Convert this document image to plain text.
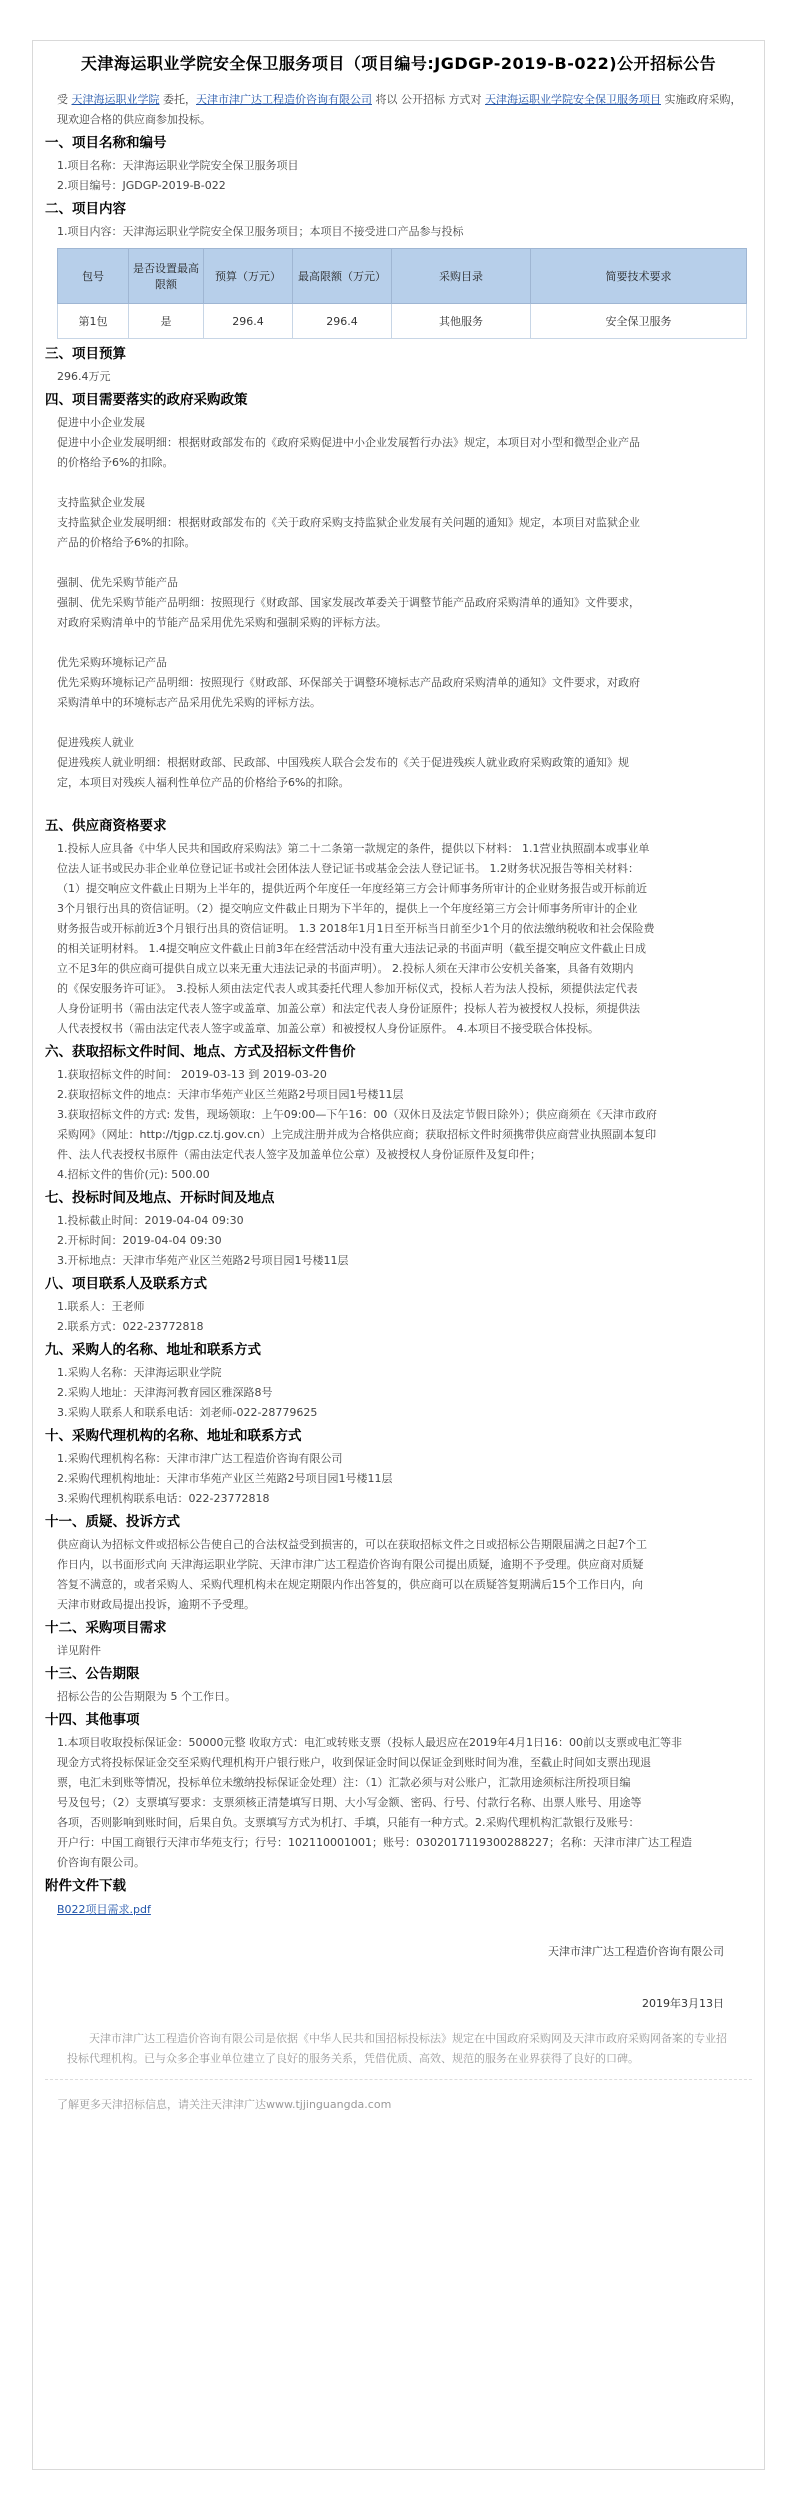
天津海运职业学院安全保卫服务项目（项目编号:JGDGP-2019-B-022)公开招标公告

受 天津海运职业学院 委托，天津市津广达工程造价咨询有限公司 将以 公开招标 方式对 天津海运职业学院安全保卫服务项目 实施政府采购，现欢迎合格的供应商参加投标。

一、项目名称和编号

1.项目名称：天津海运职业学院安全保卫服务项目

2.项目编号：JGDGP-2019-B-022

二、项目内容

1.项目内容：天津海运职业学院安全保卫服务项目；本项目不接受进口产品参与投标

包号	是否设置最高限额	预算（万元）	最高限额（万元）	采购目录	简要技术要求
第1包	是	296.4	296.4	其他服务	安全保卫服务
三、项目预算

296.4万元

四、项目需要落实的政府采购政策

促进中小企业发展

促进中小企业发展明细：根据财政部发布的《政府采购促进中小企业发展暂行办法》规定，本项目对小型和微型企业产品

的价格给予6%的扣除。

支持监狱企业发展

支持监狱企业发展明细：根据财政部发布的《关于政府采购支持监狱企业发展有关问题的通知》规定，本项目对监狱企业

产品的价格给予6%的扣除。

强制、优先采购节能产品

强制、优先采购节能产品明细：按照现行《财政部、国家发展改革委关于调整节能产品政府采购清单的通知》文件要求，

对政府采购清单中的节能产品采用优先采购和强制采购的评标方法。

优先采购环境标记产品

优先采购环境标记产品明细：按照现行《财政部、环保部关于调整环境标志产品政府采购清单的通知》文件要求，对政府

采购清单中的环境标志产品采用优先采购的评标方法。

促进残疾人就业

促进残疾人就业明细：根据财政部、民政部、中国残疾人联合会发布的《关于促进残疾人就业政府采购政策的通知》规

定，本项目对残疾人福利性单位产品的价格给予6%的扣除。

五、供应商资格要求

1.投标人应具备《中华人民共和国政府采购法》第二十二条第一款规定的条件，提供以下材料： 1.1营业执照副本或事业单

位法人证书或民办非企业单位登记证书或社会团体法人登记证书或基金会法人登记证书。 1.2财务状况报告等相关材料：

（1）提交响应文件截止日期为上半年的，提供近两个年度任一年度经第三方会计师事务所审计的企业财务报告或开标前近

3个月银行出具的资信证明。（2）提交响应文件截止日期为下半年的，提供上一个年度经第三方会计师事务所审计的企业

财务报告或开标前近3个月银行出具的资信证明。 1.3 2018年1月1日至开标当日前至少1个月的依法缴纳税收和社会保险费

的相关证明材料。 1.4提交响应文件截止日前3年在经营活动中没有重大违法记录的书面声明（截至提交响应文件截止日成

立不足3年的供应商可提供自成立以来无重大违法记录的书面声明）。 2.投标人须在天津市公安机关备案，具备有效期内

的《保安服务许可证》。 3.投标人须由法定代表人或其委托代理人参加开标仪式，投标人若为法人投标，须提供法定代表

人身份证明书（需由法定代表人签字或盖章、加盖公章）和法定代表人身份证原件；投标人若为被授权人投标，须提供法

人代表授权书（需由法定代表人签字或盖章、加盖公章）和被授权人身份证原件。 4.本项目不接受联合体投标。

六、获取招标文件时间、地点、方式及招标文件售价

1.获取招标文件的时间： 2019-03-13 到 2019-03-20

2.获取招标文件的地点：天津市华苑产业区兰苑路2号项目园1号楼11层

3.获取招标文件的方式: 发售，现场领取：上午09:00—下午16：00（双休日及法定节假日除外）；供应商须在《天津市政府

采购网》（网址：http://tjgp.cz.tj.gov.cn）上完成注册并成为合格供应商；获取招标文件时须携带供应商营业执照副本复印

件、法人代表授权书原件（需由法定代表人签字及加盖单位公章）及被授权人身份证原件及复印件；

4.招标文件的售价(元): 500.00

七、投标时间及地点、开标时间及地点

1.投标截止时间：2019-04-04 09:30

2.开标时间：2019-04-04 09:30

3.开标地点：天津市华苑产业区兰苑路2号项目园1号楼11层

八、项目联系人及联系方式

1.联系人：王老师

2.联系方式：022-23772818

九、采购人的名称、地址和联系方式

1.采购人名称：天津海运职业学院

2.采购人地址：天津海河教育园区雅深路8号

3.采购人联系人和联系电话：刘老师-022-28779625

十、采购代理机构的名称、地址和联系方式

1.采购代理机构名称：天津市津广达工程造价咨询有限公司

2.采购代理机构地址：天津市华苑产业区兰苑路2号项目园1号楼11层

3.采购代理机构联系电话：022-23772818

十一、质疑、投诉方式

供应商认为招标文件或招标公告使自己的合法权益受到损害的，可以在获取招标文件之日或招标公告期限届满之日起7个工

作日内，以书面形式向 天津海运职业学院、天津市津广达工程造价咨询有限公司提出质疑，逾期不予受理。供应商对质疑

答复不满意的，或者采购人、采购代理机构未在规定期限内作出答复的，供应商可以在质疑答复期满后15个工作日内，向

天津市财政局提出投诉，逾期不予受理。

十二、采购项目需求

详见附件

十三、公告期限

招标公告的公告期限为 5 个工作日。

十四、其他事项

1.本项目收取投标保证金：50000元整 收取方式：电汇或转账支票（投标人最迟应在2019年4月1日16：00前以支票或电汇等非

现金方式将投标保证金交至采购代理机构开户银行账户，收到保证金时间以保证金到账时间为准，至截止时间如支票出现退

票，电汇未到账等情况，投标单位未缴纳投标保证金处理）注：（1）汇款必须与对公账户，汇款用途须标注所投项目编

号及包号；（2）支票填写要求：支票须核正清楚填写日期、大小写金额、密码、行号、付款行名称、出票人账号、用途等

各项，否则影响到账时间，后果自负。支票填写方式为机打、手填，只能有一种方式。2.采购代理机构汇款银行及账号：

开户行：中国工商银行天津市华苑支行；行号：102110001001；账号：0302017119300288227；名称：天津市津广达工程造

价咨询有限公司。

附件文件下载
B022项目需求.pdf
天津市津广达工程造价咨询有限公司
2019年3月13日

天津市津广达工程造价咨询有限公司是依据《中华人民共和国招标投标法》规定在中国政府采购网及天津市政府采购网备案的专业招投标代理机构。已与众多企事业单位建立了良好的服务关系，凭借优质、高效、规范的服务在业界获得了良好的口碑。

了解更多天津招标信息，请关注天津津广达www.tjjinguangda.com
